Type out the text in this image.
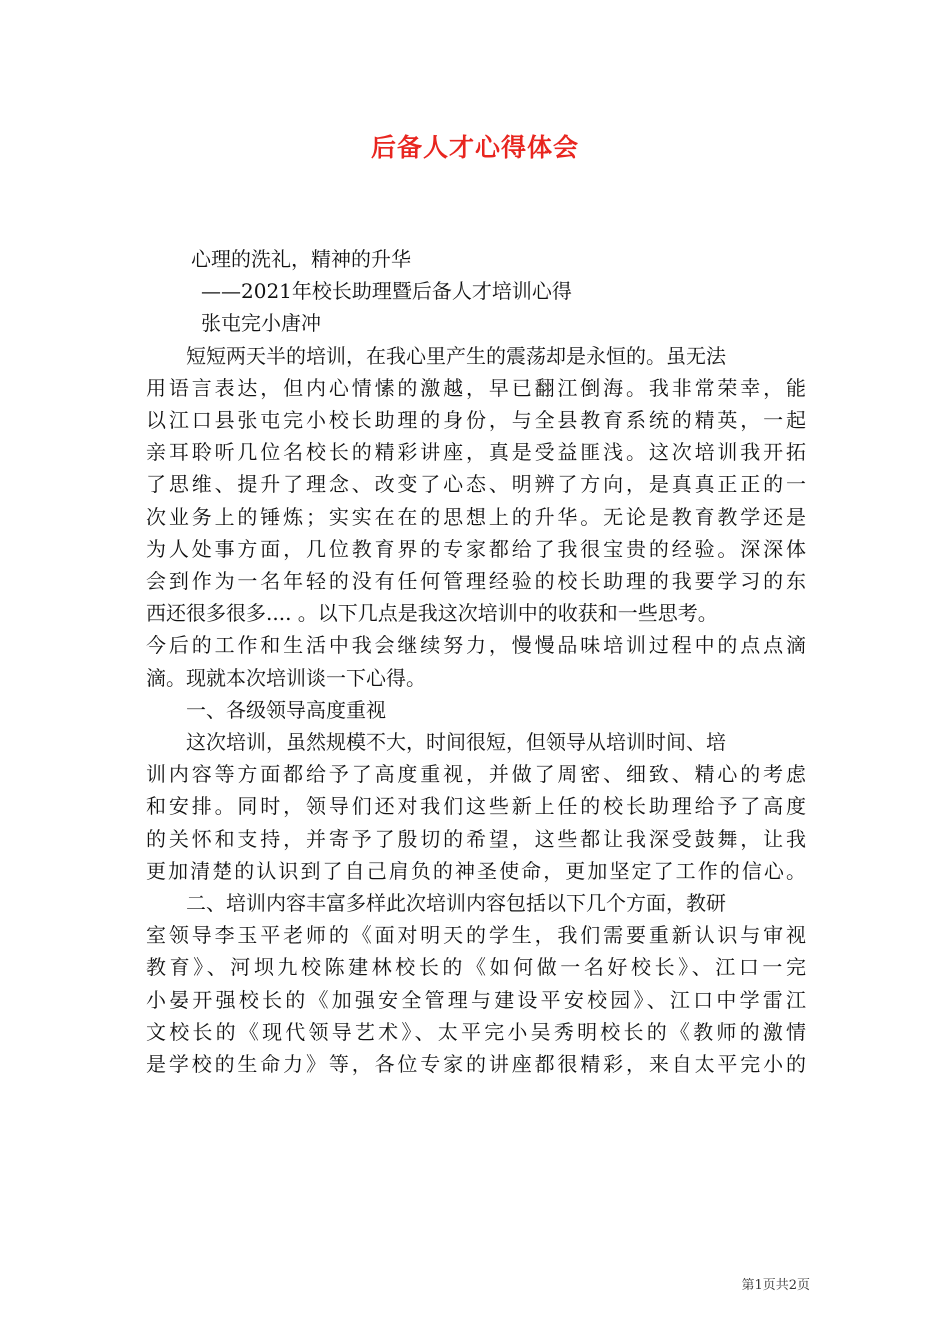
后备人才心得体会
心理的洗礼，精神的升华
——2021年校长助理暨后备人才培训心得
张屯完小唐冲
短短两天半的培训，在我心里产生的震荡却是永恒的。虽无法
用语言表达，但内心情愫的激越，早已翻江倒海。我非常荣幸，能
以江口县张屯完小校长助理的身份，与全县教育系统的精英，一起
亲耳聆听几位名校长的精彩讲座，真是受益匪浅。这次培训我开拓
了思维、提升了理念、改变了心态、明辨了方向，是真真正正的一
次业务上的锤炼；实实在在的思想上的升华。无论是教育教学还是
为人处事方面，几位教育界的专家都给了我很宝贵的经验。深深体
会到作为一名年轻的没有任何管理经验的校长助理的我要学习的东
西还很多很多.... 。以下几点是我这次培训中的收获和一些思考。
今后的工作和生活中我会继续努力，慢慢品味培训过程中的点点滴
滴。现就本次培训谈一下心得。
一、各级领导高度重视
这次培训，虽然规模不大，时间很短，但领导从培训时间、培
训内容等方面都给予了高度重视，并做了周密、细致、精心的考虑
和安排。同时，领导们还对我们这些新上任的校长助理给予了高度
的关怀和支持，并寄予了殷切的希望，这些都让我深受鼓舞，让我
更加清楚的认识到了自己肩负的神圣使命，更加坚定了工作的信心。
二、培训内容丰富多样此次培训内容包括以下几个方面，教研
室领导李玉平老师的《面对明天的学生，我们需要重新认识与审视
教育》、河坝九校陈建林校长的《如何做一名好校长》、江口一完
小晏开强校长的《加强安全管理与建设平安校园》、江口中学雷江
文校长的《现代领导艺术》、太平完小吴秀明校长的《教师的激情
是学校的生命力》等，各位专家的讲座都很精彩，来自太平完小的
第1页共2页
